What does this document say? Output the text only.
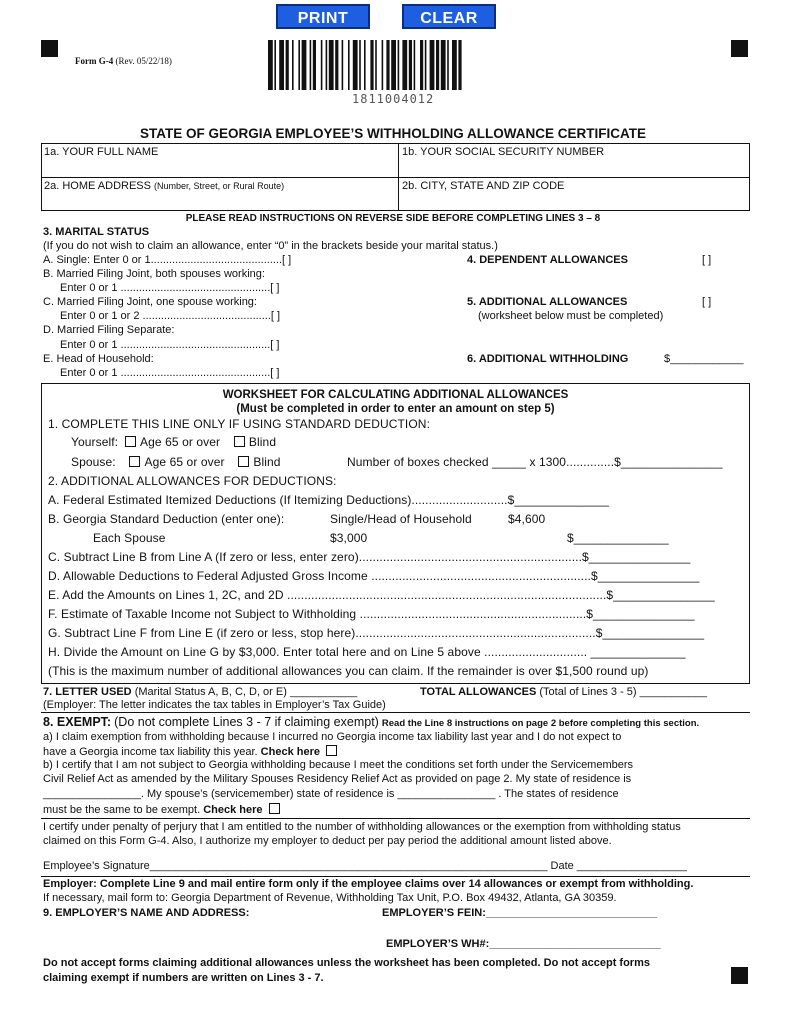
PRINT	CLEAR
Form G-4 (Rev. 05/22/18)
1811004012
STATE OF GEORGIA EMPLOYEE’S WITHHOLDING ALLOWANCE CERTIFICATE
1a. YOUR FULL NAME	1b. YOUR SOCIAL SECURITY NUMBER
2a. HOME ADDRESS (Number, Street, or Rural Route)	2b. CITY, STATE AND ZIP CODE
PLEASE READ INSTRUCTIONS ON REVERSE SIDE BEFORE COMPLETING LINES 3 – 8
3. MARITAL STATUS
(If you do not wish to claim an allowance, enter “0” in the brackets beside your marital status.)
A. Single: Enter 0 or 1...........................................[ ]
B. Married Filing Joint, both spouses working:
Enter 0 or 1 .................................................[ ]
C. Married Filing Joint, one spouse working:
Enter 0 or 1 or 2 ..........................................[ ]
D. Married Filing Separate:
Enter 0 or 1 .................................................[ ]
E. Head of Household:
Enter 0 or 1 .................................................[ ]
4. DEPENDENT ALLOWANCES	[ ]
5. ADDITIONAL ALLOWANCES	[ ]
(worksheet below must be completed)
6. ADDITIONAL WITHHOLDING	$____________
WORKSHEET FOR CALCULATING ADDITIONAL ALLOWANCES
(Must be completed in order to enter an amount on step 5)
1. COMPLETE THIS LINE ONLY IF USING STANDARD DEDUCTION:
Yourself: Age 65 or over Blind
Spouse: Age 65 or over Blind	Number of boxes checked _____ x 1300..............$_______________
2. ADDITIONAL ALLOWANCES FOR DEDUCTIONS:
A. Federal Estimated Itemized Deductions (If Itemizing Deductions)............................$______________
B. Georgia Standard Deduction (enter one):	Single/Head of Household	$4,600
Each Spouse	$3,000	$______________
C. Subtract Line B from Line A (If zero or less, enter zero).................................................................$_______________
D. Allowable Deductions to Federal Adjusted Gross Income ................................................................$_______________
E. Add the Amounts on Lines 1, 2C, and 2D .............................................................................................$_______________
F. Estimate of Taxable Income not Subject to Withholding ..................................................................$_______________
G. Subtract Line F from Line E (if zero or less, stop here)......................................................................$_______________
H. Divide the Amount on Line G by $3,000. Enter total here and on Line 5 above .............................. ______________
(This is the maximum number of additional allowances you can claim. If the remainder is over $1,500 round up)
7. LETTER USED (Marital Status A, B, C, D, or E) ___________	TOTAL ALLOWANCES (Total of Lines 3 - 5) ___________
(Employer: The letter indicates the tax tables in Employer’s Tax Guide)
8. EXEMPT: (Do not complete Lines 3 - 7 if claiming exempt) Read the Line 8 instructions on page 2 before completing this section.
a) I claim exemption from withholding because I incurred no Georgia income tax liability last year and I do not expect to
have a Georgia income tax liability this year. Check here
b) I certify that I am not subject to Georgia withholding because I meet the conditions set forth under the Servicemembers
Civil Relief Act as amended by the Military Spouses Residency Relief Act as provided on page 2. My state of residence is
________________. My spouse’s (servicemember) state of residence is ________________ . The states of residence
must be the same to be exempt. Check here
I certify under penalty of perjury that I am entitled to the number of withholding allowances or the exemption from withholding status
claimed on this Form G-4. Also, I authorize my employer to deduct per pay period the additional amount listed above.
Employee’s Signature_________________________________________________________________ Date __________________
Employer: Complete Line 9 and mail entire form only if the employee claims over 14 allowances or exempt from withholding.
If necessary, mail form to: Georgia Department of Revenue, Withholding Tax Unit, P.O. Box 49432, Atlanta, GA 30359.
9. EMPLOYER’S NAME AND ADDRESS:	EMPLOYER’S FEIN:____________________________
EMPLOYER’S WH#:____________________________
Do not accept forms claiming additional allowances unless the worksheet has been completed. Do not accept forms
claiming exempt if numbers are written on Lines 3 - 7.
